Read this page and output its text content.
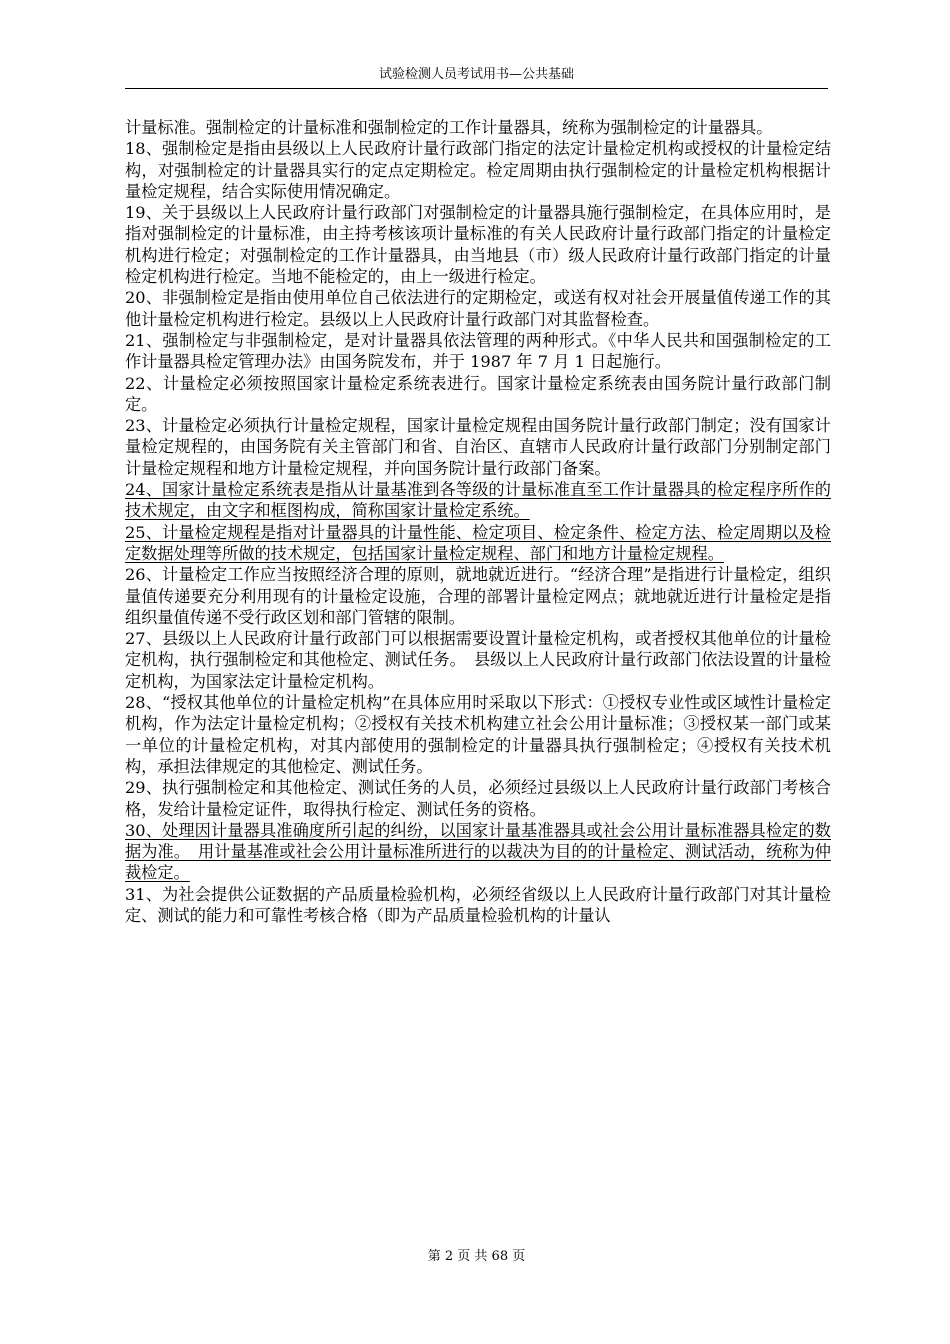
试验检测人员考试用书—公共基础

计量标准。强制检定的计量标准和强制检定的工作计量器具，统称为强制检定的计量器具。

18、强制检定是指由县级以上人民政府计量行政部门指定的法定计量检定机构或授权的计量检定结构，对强制检定的计量器具实行的定点定期检定。检定周期由执行强制检定的计量检定机构根据计量检定规程，结合实际使用情况确定。

19、关于县级以上人民政府计量行政部门对强制检定的计量器具施行强制检定，在具体应用时，是指对强制检定的计量标准，由主持考核该项计量标准的有关人民政府计量行政部门指定的计量检定机构进行检定；对强制检定的工作计量器具，由当地县（市）级人民政府计量行政部门指定的计量检定机构进行检定。当地不能检定的，由上一级进行检定。

20、非强制检定是指由使用单位自己依法进行的定期检定，或送有权对社会开展量值传递工作的其他计量检定机构进行检定。县级以上人民政府计量行政部门对其监督检查。

21、强制检定与非强制检定，是对计量器具依法管理的两种形式。《中华人民共和国强制检定的工作计量器具检定管理办法》由国务院发布，并于 1987 年 7 月 1 日起施行。

22、计量检定必须按照国家计量检定系统表进行。国家计量检定系统表由国务院计量行政部门制定。

23、计量检定必须执行计量检定规程，国家计量检定规程由国务院计量行政部门制定；没有国家计量检定规程的，由国务院有关主管部门和省、自治区、直辖市人民政府计量行政部门分别制定部门计量检定规程和地方计量检定规程，并向国务院计量行政部门备案。

24、国家计量检定系统表是指从计量基准到各等级的计量标准直至工作计量器具的检定程序所作的技术规定，由文字和框图构成，简称国家计量检定系统。

25、计量检定规程是指对计量器具的计量性能、检定项目、检定条件、检定方法、检定周期以及检定数据处理等所做的技术规定，包括国家计量检定规程、部门和地方计量检定规程。

26、计量检定工作应当按照经济合理的原则，就地就近进行。“经济合理”是指进行计量检定，组织量值传递要充分利用现有的计量检定设施，合理的部署计量检定网点；就地就近进行计量检定是指组织量值传递不受行政区划和部门管辖的限制。

27、县级以上人民政府计量行政部门可以根据需要设置计量检定机构，或者授权其他单位的计量检定机构，执行强制检定和其他检定、测试任务。　县级以上人民政府计量行政部门依法设置的计量检定机构，为国家法定计量检定机构。

28、“授权其他单位的计量检定机构”在具体应用时采取以下形式：①授权专业性或区域性计量检定机构，作为法定计量检定机构；②授权有关技术机构建立社会公用计量标准；③授权某一部门或某一单位的计量检定机构，对其内部使用的强制检定的计量器具执行强制检定；④授权有关技术机构，承担法律规定的其他检定、测试任务。

29、执行强制检定和其他检定、测试任务的人员，必须经过县级以上人民政府计量行政部门考核合格，发给计量检定证件，取得执行检定、测试任务的资格。

30、处理因计量器具准确度所引起的纠纷，以国家计量基准器具或社会公用计量标准器具检定的数据为准。　用计量基准或社会公用计量标准所进行的以裁决为目的的计量检定、测试活动，统称为仲裁检定。

31、为社会提供公证数据的产品质量检验机构，必须经省级以上人民政府计量行政部门对其计量检定、测试的能力和可靠性考核合格（即为产品质量检验机构的计量认

第 2 页 共 68 页
